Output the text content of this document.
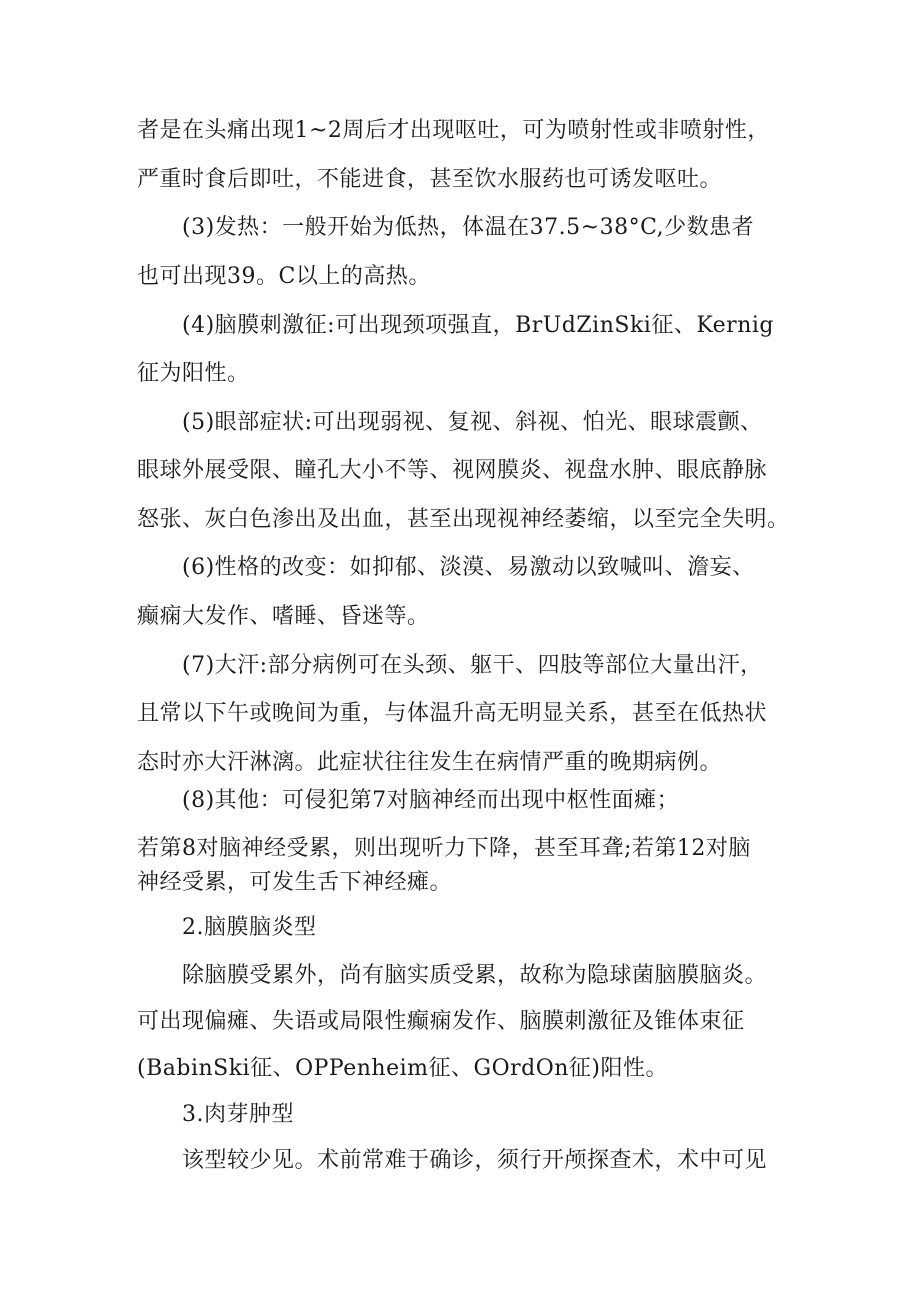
者是在头痛出现1~2周后才出现呕吐，可为喷射性或非喷射性，
严重时食后即吐，不能进食，甚至饮水服药也可诱发呕吐。
(3)发热：一般开始为低热，体温在37.5~38°C,少数患者
也可出现39。C以上的高热。
(4)脑膜刺激征:可出现颈项强直，BrUdZinSki征、Kernig
征为阳性。
(5)眼部症状:可出现弱视、复视、斜视、怕光、眼球震颤、
眼球外展受限、瞳孔大小不等、视网膜炎、视盘水肿、眼底静脉
怒张、灰白色渗出及出血，甚至出现视神经萎缩，以至完全失明。
(6)性格的改变：如抑郁、淡漠、易激动以致喊叫、澹妄、
癫痫大发作、嗜睡、昏迷等。
(7)大汗:部分病例可在头颈、躯干、四肢等部位大量出汗，
且常以下午或晚间为重，与体温升高无明显关系，甚至在低热状
态时亦大汗淋漓。此症状往往发生在病情严重的晚期病例。
(8)其他：可侵犯第7对脑神经而出现中枢性面瘫；
若第8对脑神经受累，则出现听力下降，甚至耳聋;若第12对脑
神经受累，可发生舌下神经瘫。
2.脑膜脑炎型
除脑膜受累外，尚有脑实质受累，故称为隐球菌脑膜脑炎。
可出现偏瘫、失语或局限性癫痫发作、脑膜刺激征及锥体束征
(BabinSki征、OPPenheim征、GOrdOn征)阳性。
3.肉芽肿型
该型较少见。术前常难于确诊，须行开颅探查术，术中可见
